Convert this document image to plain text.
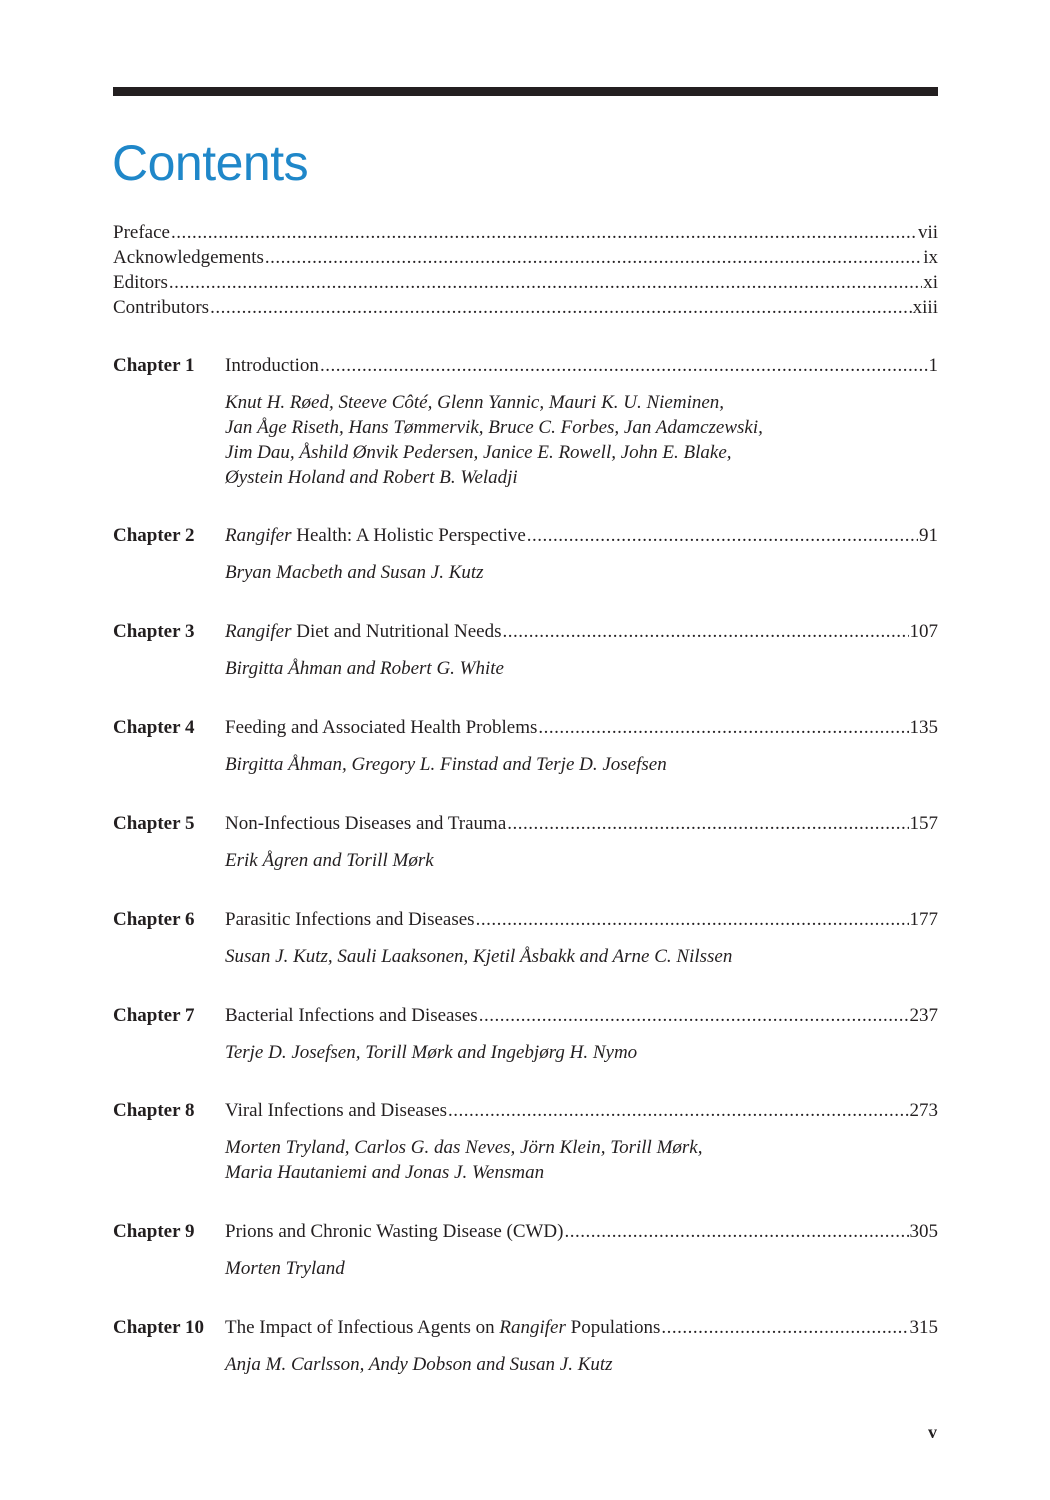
Contents
Preface .....	vii
Acknowledgements .....	ix
Editors .....	xi
Contributors .....	xiii
Chapter 1	Introduction .....	1
Knut H. Røed, Steeve Côté, Glenn Yannic, Mauri K. U. Nieminen,
Jan Åge Riseth, Hans Tømmervik, Bruce C. Forbes, Jan Adamczewski,
Jim Dau, Åshild Ønvik Pedersen, Janice E. Rowell, John E. Blake,
Øystein Holand and Robert B. Weladji
Chapter 2	Rangifer Health: A Holistic Perspective .....	91
Bryan Macbeth and Susan J. Kutz
Chapter 3	Rangifer Diet and Nutritional Needs .....	107
Birgitta Åhman and Robert G. White
Chapter 4	Feeding and Associated Health Problems .....	135
Birgitta Åhman, Gregory L. Finstad and Terje D. Josefsen
Chapter 5	Non-Infectious Diseases and Trauma .....	157
Erik Ågren and Torill Mørk
Chapter 6	Parasitic Infections and Diseases .....	177
Susan J. Kutz, Sauli Laaksonen, Kjetil Åsbakk and Arne C. Nilssen
Chapter 7	Bacterial Infections and Diseases .....	237
Terje D. Josefsen, Torill Mørk and Ingebjørg H. Nymo
Chapter 8	Viral Infections and Diseases .....	273
Morten Tryland, Carlos G. das Neves, Jörn Klein, Torill Mørk,
Maria Hautaniemi and Jonas J. Wensman
Chapter 9	Prions and Chronic Wasting Disease (CWD) .....	305
Morten Tryland
Chapter 10	The Impact of Infectious Agents on Rangifer Populations .....	315
Anja M. Carlsson, Andy Dobson and Susan J. Kutz
v
